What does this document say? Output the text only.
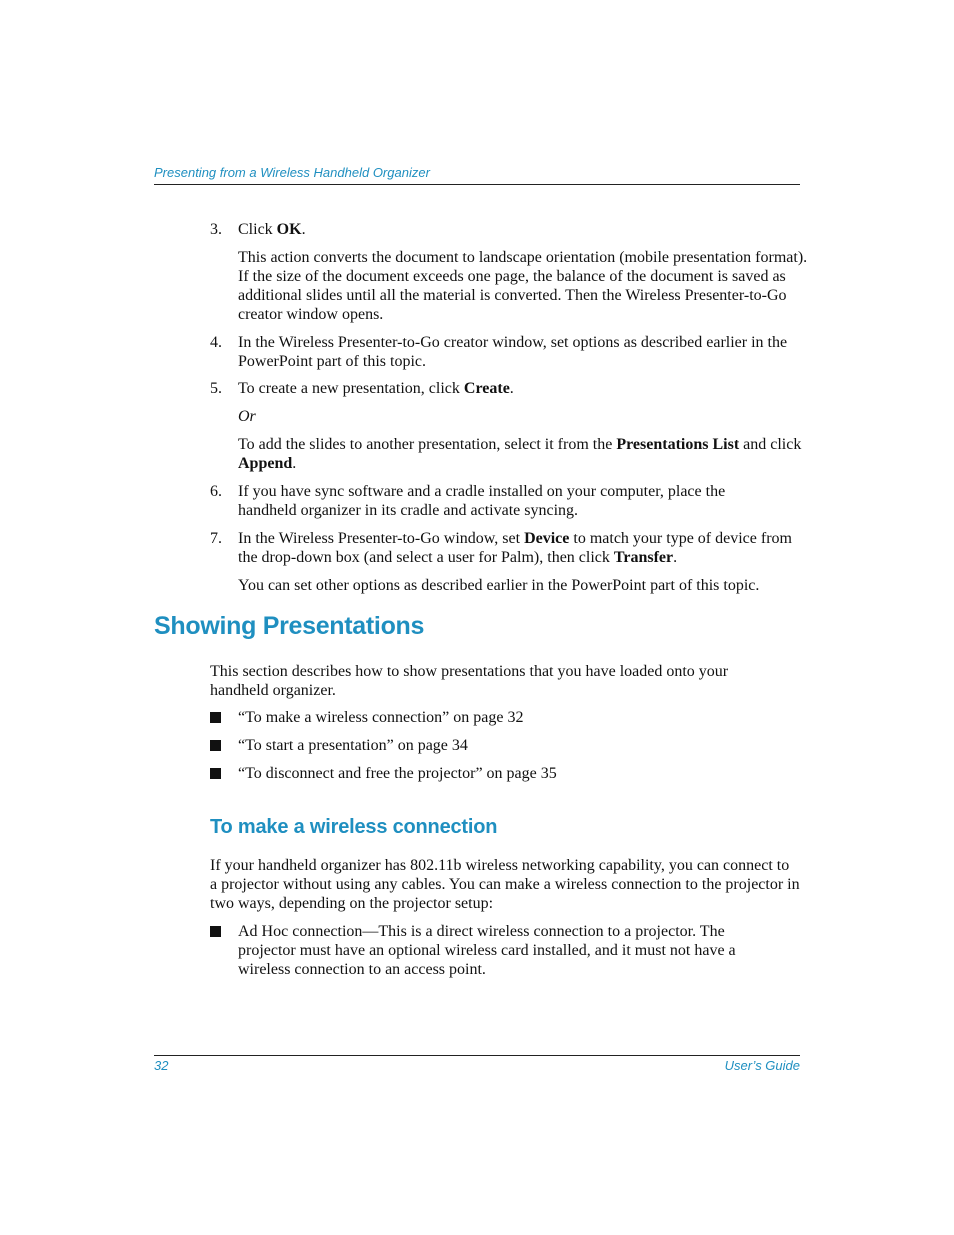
Presenting from a Wireless Handheld Organizer
3. Click OK.
This action converts the document to landscape orientation (mobile presentation format). If the size of the document exceeds one page, the balance of the document is saved as additional slides until all the material is converted. Then the Wireless Presenter-to-Go creator window opens.
4. In the Wireless Presenter-to-Go creator window, set options as described earlier in the PowerPoint part of this topic.
5. To create a new presentation, click Create.
Or
To add the slides to another presentation, select it from the Presentations List and click Append.
6. If you have sync software and a cradle installed on your computer, place the handheld organizer in its cradle and activate syncing.
7. In the Wireless Presenter-to-Go window, set Device to match your type of device from the drop-down box (and select a user for Palm), then click Transfer.
You can set other options as described earlier in the PowerPoint part of this topic.
Showing Presentations
This section describes how to show presentations that you have loaded onto your handheld organizer.
“To make a wireless connection” on page 32
“To start a presentation” on page 34
“To disconnect and free the projector” on page 35
To make a wireless connection
If your handheld organizer has 802.11b wireless networking capability, you can connect to a projector without using any cables. You can make a wireless connection to the projector in two ways, depending on the projector setup:
Ad Hoc connection—This is a direct wireless connection to a projector. The projector must have an optional wireless card installed, and it must not have a wireless connection to an access point.
32	User’s Guide
